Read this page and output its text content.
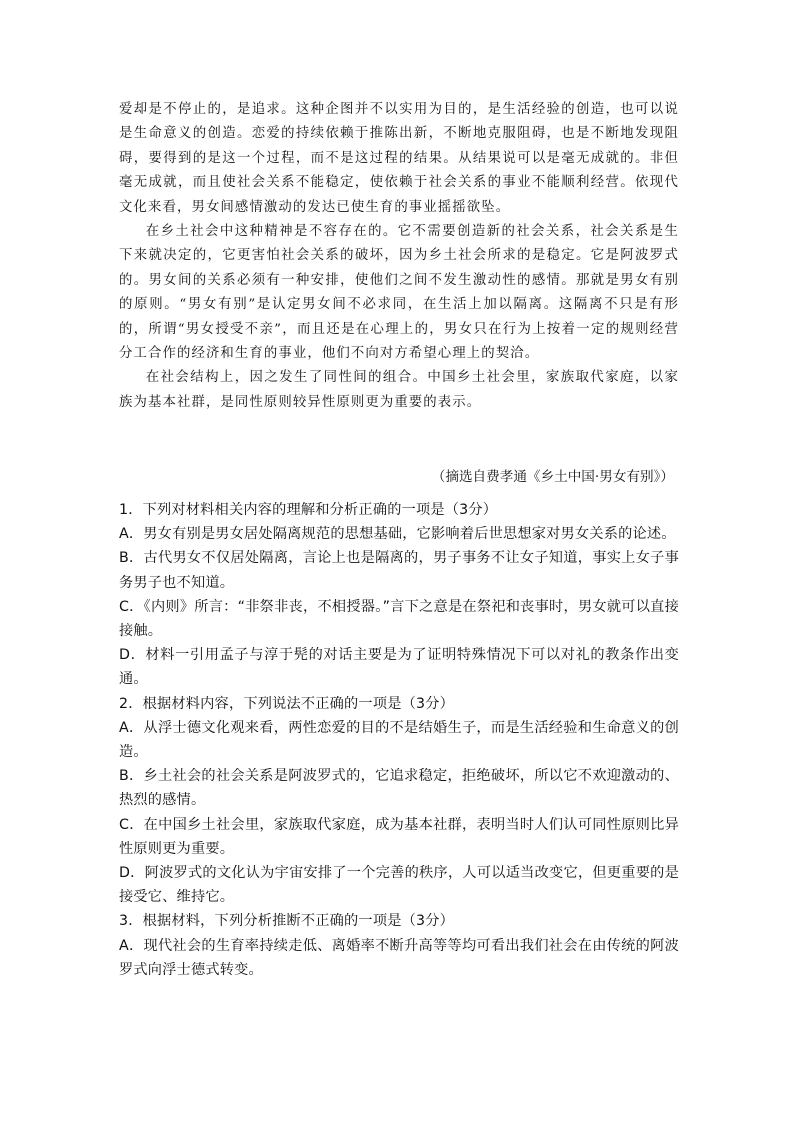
爱却是不停止的，是追求。这种企图并不以实用为目的，是生活经验的创造，也可以说是生命意义的创造。恋爱的持续依赖于推陈出新，不断地克服阻碍，也是不断地发现阻碍，要得到的是这一个过程，而不是这过程的结果。从结果说可以是毫无成就的。非但毫无成就，而且使社会关系不能稳定，使依赖于社会关系的事业不能顺利经营。依现代文化来看，男女间感情激动的发达已使生育的事业摇摇欲坠。

在乡土社会中这种精神是不容存在的。它不需要创造新的社会关系，社会关系是生下来就决定的，它更害怕社会关系的破坏，因为乡土社会所求的是稳定。它是阿波罗式的。男女间的关系必须有一种安排，使他们之间不发生激动性的感情。那就是男女有别的原则。“男女有别”是认定男女间不必求同，在生活上加以隔离。这隔离不只是有形的，所谓“男女授受不亲”，而且还是在心理上的，男女只在行为上按着一定的规则经营分工合作的经济和生育的事业，他们不向对方希望心理上的契洽。

在社会结构上，因之发生了同性间的组合。中国乡土社会里，家族取代家庭，以家族为基本社群，是同性原则较异性原则更为重要的表示。

（摘选自费孝通《乡土中国·男女有别》）

1．下列对材料相关内容的理解和分析正确的一项是（3分）

A．男女有别是男女居处隔离规范的思想基础，它影响着后世思想家对男女关系的论述。

B．古代男女不仅居处隔离，言论上也是隔离的，男子事务不让女子知道，事实上女子事务男子也不知道。

C．《内则》所言：“非祭非丧，不相授器。”言下之意是在祭祀和丧事时，男女就可以直接接触。

D．材料一引用孟子与淳于髡的对话主要是为了证明特殊情况下可以对礼的教条作出变通。

2．根据材料内容，下列说法不正确的一项是（3分）

A．从浮士德文化观来看，两性恋爱的目的不是结婚生子，而是生活经验和生命意义的创造。

B．乡土社会的社会关系是阿波罗式的，它追求稳定，拒绝破坏，所以它不欢迎激动的、热烈的感情。

C．在中国乡土社会里，家族取代家庭，成为基本社群，表明当时人们认可同性原则比异性原则更为重要。

D．阿波罗式的文化认为宇宙安排了一个完善的秩序，人可以适当改变它，但更重要的是接受它、维持它。

3．根据材料，下列分析推断不正确的一项是（3分）

A．现代社会的生育率持续走低、离婚率不断升高等等均可看出我们社会在由传统的阿波罗式向浮士德式转变。
